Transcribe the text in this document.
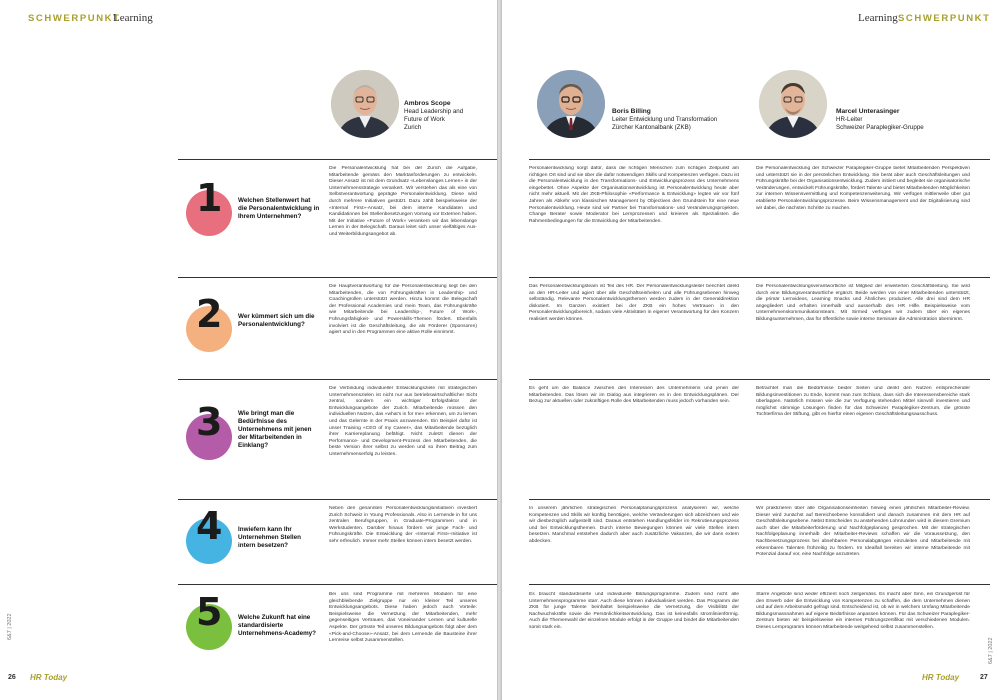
SCHWERPUNKT
Learning
Ambros Scope
Head Leadership and
Future of Work
Zurich
1 Welchen Stellenwert hat die Personalentwicklung in Ihrem Unternehmen?
Die Personalentwicklung hat bei der Zurich die Aufgabe, Mitarbeitende gemäss den Marktanforderungen zu entwickeln. Dieser Ansatz ist mit dem Grundsatz «Lebenslanges Lernen» in der Unternehmensstrategie verankert. Wir verstehen das als eine von Selbstverantwortung geprägte Personalentwicklung. Diese wird durch mehrere Initiativen gestützt. Dazu zählt beispielsweise der «Internal First»-Ansatz, bei dem interne Kandidaten und Kandidatinnen bei Stellenbesetzungen Vorrang vor Externen haben. Mit der Initiative «Future of Work» verankern wir das lebenslange Lernen in der Belegschaft. Daraus leitet sich unser vielfältiges Aus- und Weiterbildungsangebot ab.
2 Wer kümmert sich um die Personalentwicklung?
Die Hauptverantwortung für die Personalentwicklung liegt bei den Mitarbeitenden, die von Führungskräften in Leadership- und Coachingrollen unterstützt werden. Hinzu kommt die Belegschaft der Professional Academies und mein Team, das Führungskräfte wie Mitarbeitende bei Leadership-, Future of Work-, Führungsfähigkeit- und Powerskills-Themen fördert. Ebenfalls involviert ist die Geschäftsleitung, die als Förderer (Sponsoren) agiert und in den Programmen eine aktive Rolle einnimmt.
3 Wie bringt man die Bedürfnisse des Unternehmens mit jenen der Mitarbeitenden in Einklang?
Die Verbindung individueller Entwicklungsziele mit strategischen Unternehmenszielen ist nicht nur aus betriebswirtschaftlicher Sicht zentral, sondern ein wichtiger Erfolgsfaktor der Entwicklungsangebote der Zurich. Mitarbeitende müssen den individuellen Nutzen, das «what's in for me» erkennen, um zu lernen und das Gelernte in der Praxis anzuwenden. Ein Beispiel dafür ist unser Training «CEO of my Career», das Mitarbeitende bezüglich ihrer Karriereplanung befähigt. Nicht zuletzt dienen der Performance- und Development-Prozess den Mitarbeitenden, die beste Version ihrer selbst zu werden und so ihren Beitrag zum Unternehmenserfolg zu leisten.
4 Inwiefern kann Ihr Unternehmen Stellen intern besetzen?
Neben den genannten Personalentwicklungsinitiativen investiert Zurich Schweiz in Young Professionals. Also in Lernende in für uns zentralen Berufsgruppen, in Graduate-Programmen und in Werkstudenten. Darüber hinaus fördern wir junge Fach- und Führungskräfte. Die Entwicklung der «Internal First»-Initiative ist sehr erfreulich. Immer mehr Stellen können intern besetzt werden.
5 Welche Zukunft hat eine standardisierte Unternehmens-Academy?
Bei uns sind Programme mit mehreren Modulen für eine gleichbleibende Zielgruppe nur ein kleiner Teil unseres Entwicklungsangebots. Diese haben jedoch auch Vorteile: Beispielsweise die Vernetzung der Mitarbeitenden, mehr gegenseitiges Vertrauen, das Voneinander Lernen und kulturelle Aspekte. Der grösste Teil unseres Bildungsangebots folgt aber dem «Pick-and-Choose»-Ansatz, bei dem Lernende die Bausteine ihrer Lernreise selbst zusammenstellen.
6&7 | 2022
26 HR Today
Learning SCHWERPUNKT
Boris Billing
Leiter Entwicklung und Transformation
Zürcher Kantonalbank (ZKB)
Marcel Unterasinger
HR-Leiter
Schweizer Paraplegiker-Gruppe
Personalentwicklung sorgt dafür, dass die richtigen Menschen zum richtigen Zeitpunkt am richtigen Ort sind und sie über die dafür notwendigen Skills und Kompetenzen verfügen. Dazu ist die Personalentwicklung in den Transformations- und Entwicklungsprozess des Unternehmens eingebettet. Ohne Aspekte der Organisationsentwicklung ist Personalentwicklung heute aber nicht mehr aktuell. Mit der ZKB-Philosophie «Performance & Entwicklung» legten wir vor fünf Jahren als Abkehr von klassischen Management by Objectives den Grundstein für eine neue Personalentwicklung. Heute sind wir Partner bei Transformations- und Veränderungsprojekten. Change Berater sowie Moderator bei Lernprozessen und kreieren als Spezialisten die Rahmenbedingungen für die Entwicklung der Mitarbeitenden.
Das Personalentwicklungsteam ist Teil des HR. Der Personalentwicklungsleiter berichtet direkt an den HR-Leiter und agiert über alle Geschäftseinheiten und alle Führungsebenen hinweg selbständig. Relevante Personalentwicklungsthemen werden zudem in der Generaldirektion diskutiert. Im Ganzen existiert bei der ZKB ein hohes Vertrauen in den Personalentwicklungsbereich, sodass viele Aktivitäten in eigener Verantwortung für den Konzern realisiert werden können.
Es geht um die Balance zwischen den Interessen des Unternehmens und jenen der Mitarbeitenden. Das lösen wir im Dialog aus integrieren es in den Entwicklungsplänen. Der Bezug zur aktuellen oder zukünftigen Rolle des Mitarbeitenden muss jedoch vorhanden sein.
In unserem jährlichen strategischen Personalplanungsprozess analysieren wir, welche Kompetenzen und Skills wir künftig benötigen, welche Veränderungen sich abzeichnen und wie wir diesbezüglich aufgestellt sind. Daraus entstehen Handlungsfelder im Rekrutierungsprozess und bei Entwicklungsthemen. Durch interne Bewegungen können wir viele Stellen intern besetzen. Manchmal entstehen dadurch aber auch zusätzliche Vakanzen, die wir dann extern abdecken.
Es braucht standardisierte und individuelle Bildungsprogramme. Zudem sind nicht alle Unternehmensprogramme starr. Auch diese können individualisiert werden. Das Programm der ZKB für junge Talente beinhaltet beispielsweise die Vernetzung, die Visibilität der Nachwuchskräfte sowie die Persönlichkeitsentwicklung. Das ist keinesfalls stromlinienförmig. Auch die Themenwahl der einzelnen Module erfolgt in der Gruppe und bindet die Mitarbeitenden somit stark ein.
Die Personalentwicklung der Schweizer Paraplegiker-Gruppe bietet Mitarbeitenden Perspektiven und unterstützt sie in der persönlichen Entwicklung. Sie berät aber auch Geschäftsleitungen und Führungskräfte bei der Organisationsentwicklung. Zudem initiiert und begleitet sie organisatorische Veränderungen, entwickelt Führungskräfte, fördert Talente und bietet Mitarbeitenden Möglichkeiten zur internen Wissensvermittlung und Kompetenzerweiterung. Wir verfügen mittlerweile über gut etablierte Personalentwicklungsprozesse. Beim Wissensmanagement und der Digitalisierung sind wir dabei, die nächsten Schritte zu machen.
Die Personalentwicklungsverantwortliche ist Mitglied der erweiterten Geschäftsleitung. Sie wird durch eine Bildungsverantwortliche ergänzt. Beide werden von einer Mitarbeitenden unterstützt, die primär Lernvideos, Learning Snacks und Ähnliches produziert. Alle drei sind dem HR angegliedert und erhalten innerhalb und ausserhalb des HR Hilfe. Beispielsweise vom Unternehmenskommunikationsteam. Mit Sirmed verfügen wir zudem über ein eigenes Bildungsunternehmen, das für öffentliche sowie interne Seminare die Administration übernimmt.
Betrachtet man die Bedürfnisse beider Seiten und denkt den Nutzen entsprechender Bildungsinvestitionen zu Ende, kommt man zum Schluss, dass sich die Interessensbereiche stark überlappen. Natürlich müssen wie die zur Verfügung stehenden Mittel sinnvoll investieren und möglichst stimmige Lösungen finden für das Schweizer Paraplegiker-Zentrum, die grösste Tochterfirma der Stiftung, gibt es hierfür einen eigenen Geschäftsleitungsausschuss.
Wir praktizieren über alle Organisationseinheiten hinweg einen jährlichen Mitarbeiter-Review. Dieser wird zunächst auf Bereichsebene konsolidiert und danach zusammen mit dem HR auf Geschäftsleitungsebene. Nebst Entscheiden zu anstehenden Lohnrunden wird in diesem Gremium auch über die Mitarbeiterförderung und Nachfolgeplanung gesprochen. Mit der strategischen Nachfolgeplanung innerhalb der Mitarbeiter-Reviews schaffen wir die Voraussetzung, den Nachbesetzungsprozess bei absehbaren Personalabgängen einzuleiten und Mitarbeitende mit erkennbaren Talenten frühzeitig zu fördern. Im Idealfall bereiten wir interne Mitarbeitende mit Potenzial darauf vor, eine Nachfolge anzutreten.
Starre Angebote sind weder effizient noch zeitgemäss. Es macht aber Sinn, ein Grundgerüst für den Erwerb oder die Entwicklung von Kompetenzen zu schaffen, die dem Unternehmen dienen und auf dem Arbeitsmarkt gefragt sind. Entscheidend ist, ob wir in welchem Umfang Mitarbeitende Bildungsmassnahmen auf eigene Bedürfnisse anpassen können. Für das Schweizer Paraplegiker-Zentrum bieten wir beispielsweise ein internes Führungszertifikat mit verschiedenen Modulen. Dieses Lernprogramm können Mitarbeitende weitgehend selbst zusammenstellen.
6&7 | 2022
HR Today	27
